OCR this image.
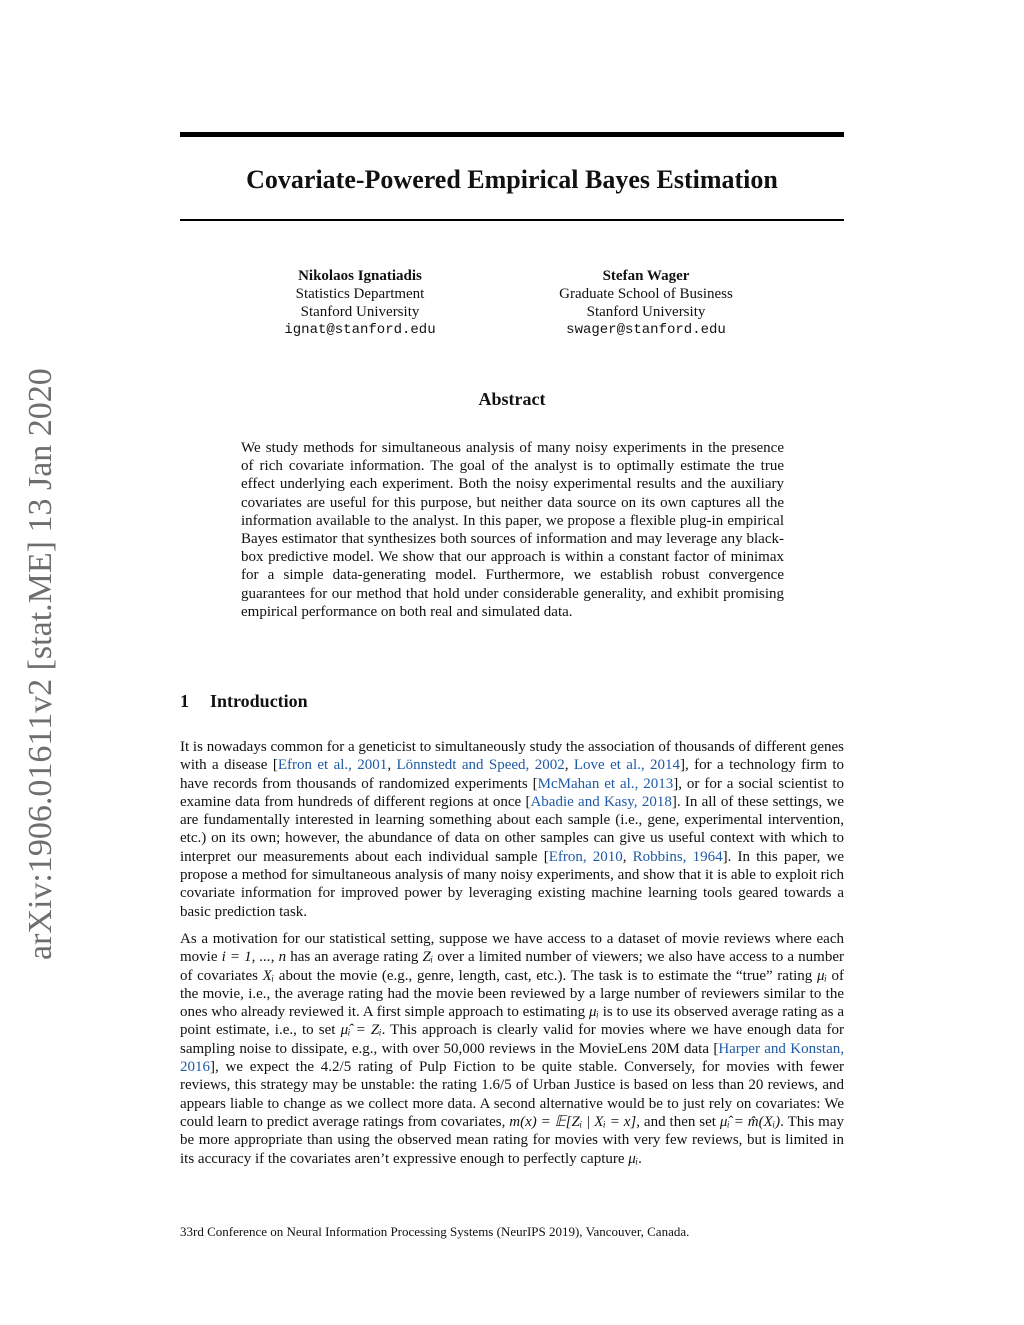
arXiv:1906.01611v2 [stat.ME] 13 Jan 2020
Covariate-Powered Empirical Bayes Estimation
Nikolaos Ignatiadis
Statistics Department
Stanford University
ignat@stanford.edu
Stefan Wager
Graduate School of Business
Stanford University
swager@stanford.edu
Abstract

We study methods for simultaneous analysis of many noisy experiments in the presence of rich covariate information. The goal of the analyst is to optimally estimate the true effect underlying each experiment. Both the noisy experimental results and the auxiliary covariates are useful for this purpose, but neither data source on its own captures all the information available to the analyst. In this paper, we propose a flexible plug-in empirical Bayes estimator that synthesizes both sources of information and may leverage any black-box predictive model. We show that our approach is within a constant factor of minimax for a simple data-generating model. Furthermore, we establish robust convergence guarantees for our method that hold under considerable generality, and exhibit promising empirical performance on both real and simulated data.

1 Introduction

It is nowadays common for a geneticist to simultaneously study the association of thousands of different genes with a disease [Efron et al., 2001, Lönnstedt and Speed, 2002, Love et al., 2014], for a technology firm to have records from thousands of randomized experiments [McMahan et al., 2013], or for a social scientist to examine data from hundreds of different regions at once [Abadie and Kasy, 2018]. In all of these settings, we are fundamentally interested in learning something about each sample (i.e., gene, experimental intervention, etc.) on its own; however, the abundance of data on other samples can give us useful context with which to interpret our measurements about each individual sample [Efron, 2010, Robbins, 1964]. In this paper, we propose a method for simultaneous analysis of many noisy experiments, and show that it is able to exploit rich covariate information for improved power by leveraging existing machine learning tools geared towards a basic prediction task.

As a motivation for our statistical setting, suppose we have access to a dataset of movie reviews where each movie i = 1, ..., n has an average rating Zᵢ over a limited number of viewers; we also have access to a number of covariates Xᵢ about the movie (e.g., genre, length, cast, etc.). The task is to estimate the “true” rating μᵢ of the movie, i.e., the average rating had the movie been reviewed by a large number of reviewers similar to the ones who already reviewed it. A first simple approach to estimating μᵢ is to use its observed average rating as a point estimate, i.e., to set μ̂ᵢ = Zᵢ. This approach is clearly valid for movies where we have enough data for sampling noise to dissipate, e.g., with over 50,000 reviews in the MovieLens 20M data [Harper and Konstan, 2016], we expect the 4.2/5 rating of Pulp Fiction to be quite stable. Conversely, for movies with fewer reviews, this strategy may be unstable: the rating 1.6/5 of Urban Justice is based on less than 20 reviews, and appears liable to change as we collect more data. A second alternative would be to just rely on covariates: We could learn to predict average ratings from covariates, m(x) = 𝔼[Zᵢ | Xᵢ = x], and then set μ̂ᵢ = m̂(Xᵢ). This may be more appropriate than using the observed mean rating for movies with very few reviews, but is limited in its accuracy if the covariates aren’t expressive enough to perfectly capture μᵢ.

33rd Conference on Neural Information Processing Systems (NeurIPS 2019), Vancouver, Canada.
